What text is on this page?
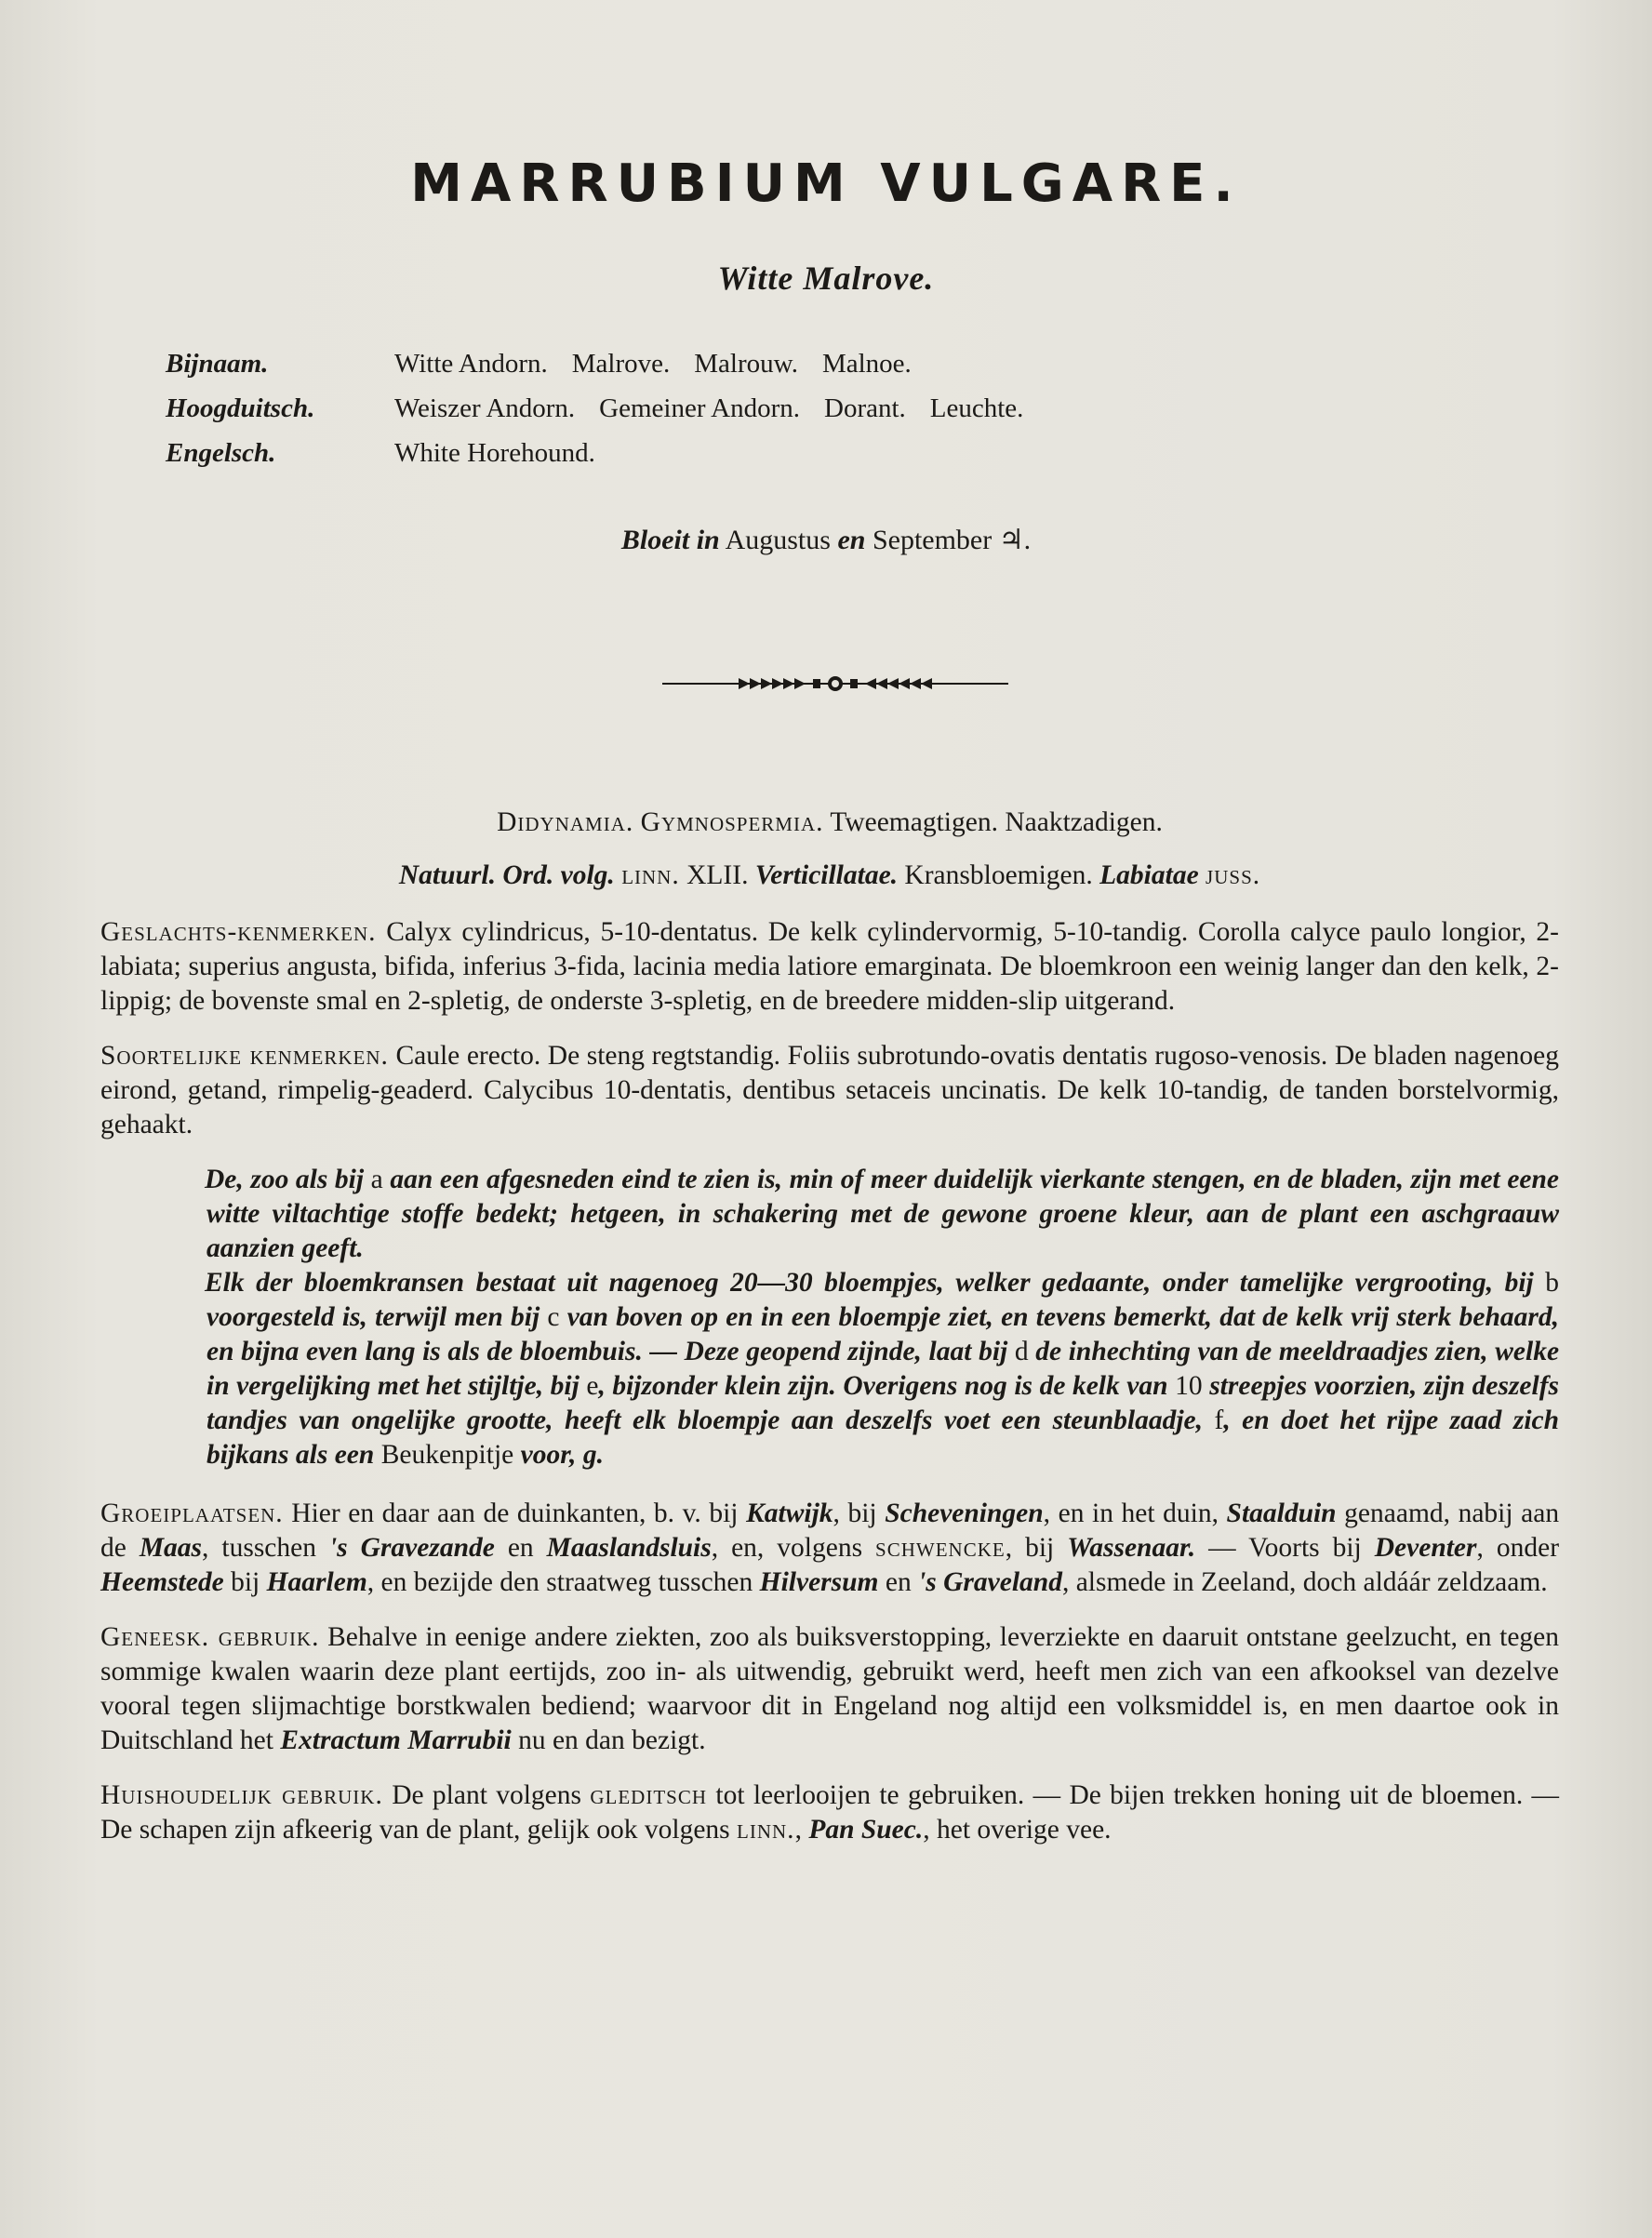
MARRUBIUM VULGARE.
Witte Malrove.
Bijnaam.	Witte Andorn. Malrove. Malrouw. Malnoe.
Hoogduitsch.	Weiszer Andorn. Gemeiner Andorn. Dorant. Leuchte.
Engelsch.	White Horehound.
Bloeit in Augustus en September ♃.

Didynamia. Gymnospermia. Tweemagtigen. Naaktzadigen.

Natuurl. Ord. volg. linn. XLII. Verticillatae. Kransbloemigen. Labiatae juss.

Geslachts-kenmerken. Calyx cylindricus, 5-10-dentatus. De kelk cylindervormig, 5-10-tandig. Corolla calyce paulo longior, 2-labiata; superius angusta, bifida, inferius 3-fida, lacinia media latiore emarginata. De bloemkroon een weinig langer dan den kelk, 2-lippig; de bovenste smal en 2-spletig, de onderste 3-spletig, en de breedere midden-slip uitgerand.

Soortelijke kenmerken. Caule erecto. De steng regtstandig. Foliis subrotundo-ovatis dentatis rugoso-venosis. De bladen nagenoeg eirond, getand, rimpelig-geaderd. Calycibus 10-dentatis, dentibus setaceis uncinatis. De kelk 10-tandig, de tanden borstelvormig, gehaakt.

De, zoo als bij a aan een afgesneden eind te zien is, min of meer duidelijk vierkante stengen, en de bladen, zijn met eene witte viltachtige stoffe bedekt; hetgeen, in schakering met de gewone groene kleur, aan de plant een aschgraauw aanzien geeft.

Elk der bloemkransen bestaat uit nagenoeg 20—30 bloempjes, welker gedaante, onder tamelijke vergrooting, bij b voorgesteld is, terwijl men bij c van boven op en in een bloempje ziet, en tevens bemerkt, dat de kelk vrij sterk behaard, en bijna even lang is als de bloembuis. — Deze geopend zijnde, laat bij d de inhechting van de meeldraadjes zien, welke in vergelijking met het stijltje, bij e, bijzonder klein zijn. Overigens nog is de kelk van 10 streepjes voorzien, zijn deszelfs tandjes van ongelijke grootte, heeft elk bloempje aan deszelfs voet een steunblaadje, f, en doet het rijpe zaad zich bijkans als een Beukenpitje voor, g.

Groeiplaatsen. Hier en daar aan de duinkanten, b. v. bij Katwijk, bij Scheveningen, en in het duin, Staalduin genaamd, nabij aan de Maas, tusschen 's Gravezande en Maaslandsluis, en, volgens schwencke, bij Wassenaar. — Voorts bij Deventer, onder Heemstede bij Haarlem, en bezijde den straatweg tusschen Hilversum en 's Graveland, alsmede in Zeeland, doch aldáár zeldzaam.

Geneesk. gebruik. Behalve in eenige andere ziekten, zoo als buiksverstopping, leverziekte en daaruit ontstane geelzucht, en tegen sommige kwalen waarin deze plant eertijds, zoo in- als uitwendig, gebruikt werd, heeft men zich van een afkooksel van dezelve vooral tegen slijmachtige borstkwalen bediend; waarvoor dit in Engeland nog altijd een volksmiddel is, en men daartoe ook in Duitschland het Extractum Marrubii nu en dan bezigt.

Huishoudelijk gebruik. De plant volgens gleditsch tot leerlooijen te gebruiken. — De bijen trekken honing uit de bloemen. — De schapen zijn afkeerig van de plant, gelijk ook volgens linn., Pan Suec., het overige vee.
